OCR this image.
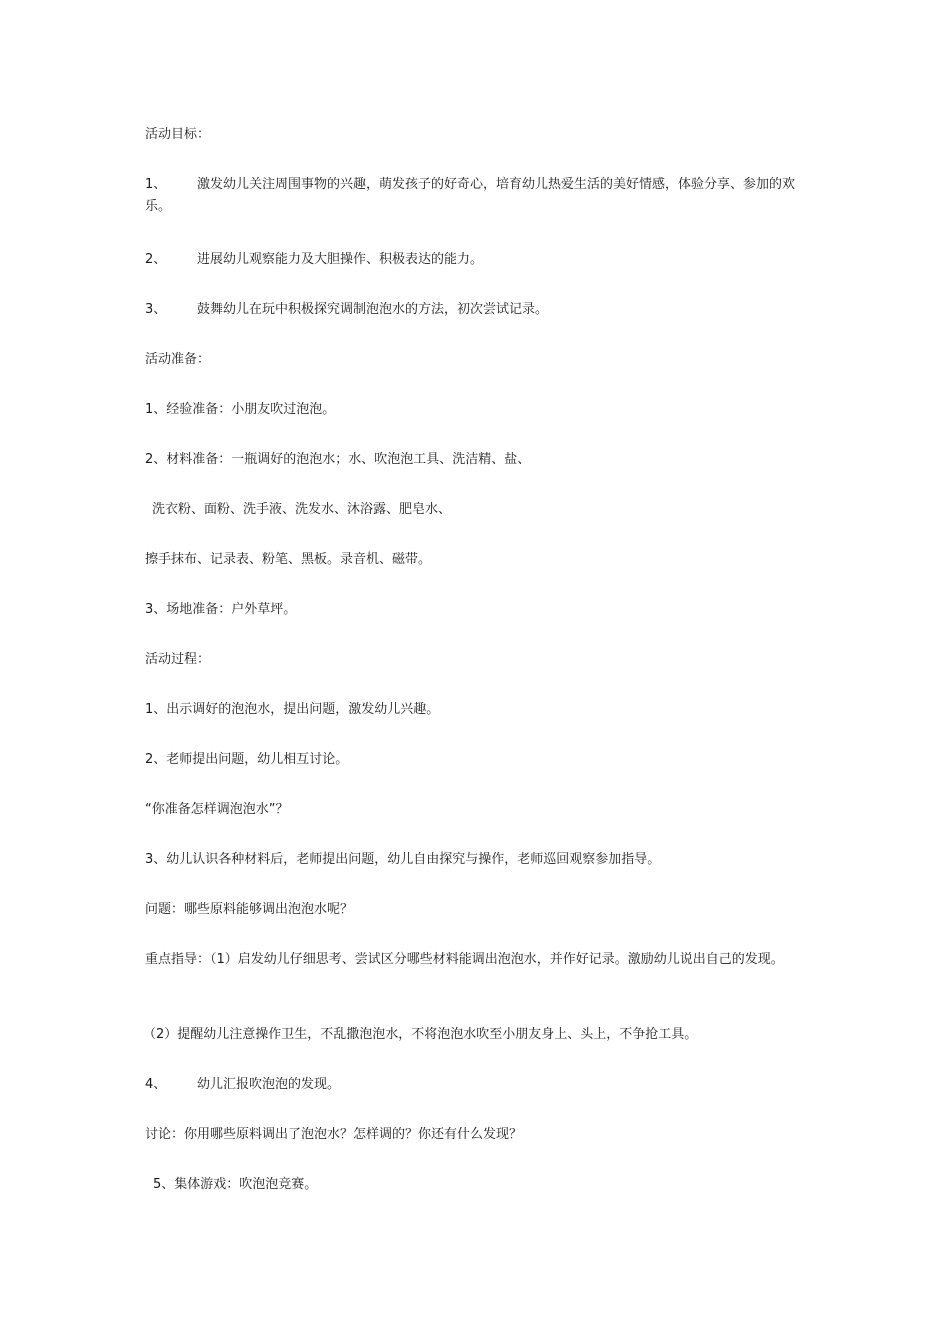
活动目标：
1、 激发幼儿关注周围事物的兴趣，萌发孩子的好奇心，培育幼儿热爱生活的美好情感，体验分享、参加的欢乐。
2、 进展幼儿观察能力及大胆操作、积极表达的能力。
3、 鼓舞幼儿在玩中积极探究调制泡泡水的方法，初次尝试记录。
活动准备：
1、经验准备：小朋友吹过泡泡。
2、材料准备：一瓶调好的泡泡水；水、吹泡泡工具、洗洁精、盐、
洗衣粉、面粉、洗手液、洗发水、沐浴露、肥皂水、
擦手抹布、记录表、粉笔、黑板。录音机、磁带。
3、场地准备：户外草坪。
活动过程：
1、出示调好的泡泡水，提出问题，激发幼儿兴趣。
2、老师提出问题，幼儿相互讨论。
“你准备怎样调泡泡水”？
3、幼儿认识各种材料后，老师提出问题，幼儿自由探究与操作，老师巡回观察参加指导。
问题：哪些原料能够调出泡泡水呢？
重点指导：（1）启发幼儿仔细思考、尝试区分哪些材料能调出泡泡水，并作好记录。激励幼儿说出自己的发现。
（2）提醒幼儿注意操作卫生，不乱撒泡泡水，不将泡泡水吹至小朋友身上、头上，不争抢工具。
4、 幼儿汇报吹泡泡的发现。
讨论：你用哪些原料调出了泡泡水？怎样调的？你还有什么发现？
5、集体游戏：吹泡泡竞赛。
